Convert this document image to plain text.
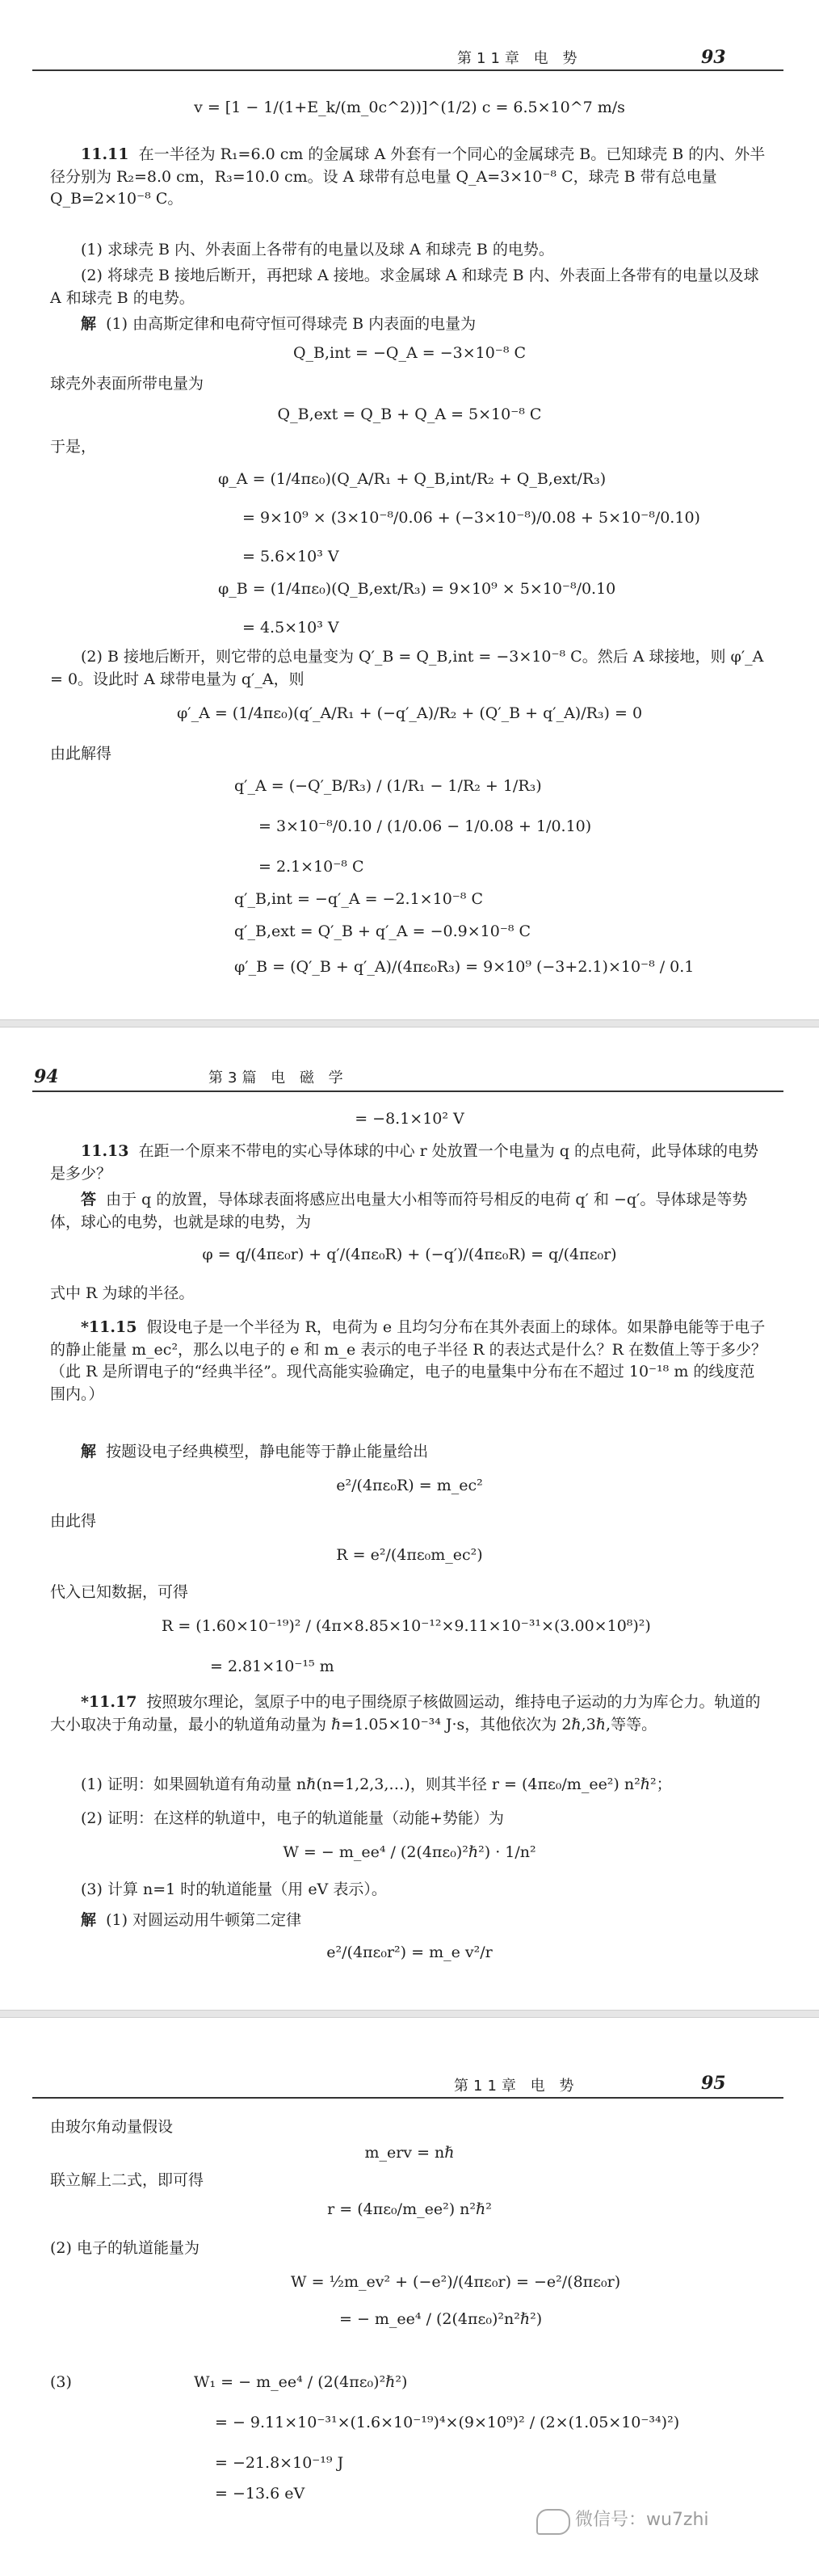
第11章 电 势	93
v = [1 − 1/(1+E_k/(m_0c^2))]^(1/2) c = 6.5×10^7 m/s
11.11 在一半径为 R₁=6.0 cm 的金属球 A 外套有一个同心的金属球壳 B。已知球壳 B 的内、外半径分别为 R₂=8.0 cm，R₃=10.0 cm。设 A 球带有总电量 Q_A=3×10⁻⁸ C，球壳 B 带有总电量 Q_B=2×10⁻⁸ C。
(1) 求球壳 B 内、外表面上各带有的电量以及球 A 和球壳 B 的电势。
(2) 将球壳 B 接地后断开，再把球 A 接地。求金属球 A 和球壳 B 内、外表面上各带有的电量以及球 A 和球壳 B 的电势。
解 (1) 由高斯定律和电荷守恒可得球壳 B 内表面的电量为
Q_B,int = −Q_A = −3×10⁻⁸ C
球壳外表面所带电量为
Q_B,ext = Q_B + Q_A = 5×10⁻⁸ C
于是，
φ_A = (1/4πε₀)(Q_A/R₁ + Q_B,int/R₂ + Q_B,ext/R₃)
= 9×10⁹ × (3×10⁻⁸/0.06 + (−3×10⁻⁸)/0.08 + 5×10⁻⁸/0.10)
= 5.6×10³ V
φ_B = (1/4πε₀)(Q_B,ext/R₃) = 9×10⁹ × 5×10⁻⁸/0.10
= 4.5×10³ V
(2) B 接地后断开，则它带的总电量变为 Q′_B = Q_B,int = −3×10⁻⁸ C。然后 A 球接地，则 φ′_A = 0。设此时 A 球带电量为 q′_A，则
φ′_A = (1/4πε₀)(q′_A/R₁ + (−q′_A)/R₂ + (Q′_B + q′_A)/R₃) = 0
由此解得
q′_A = (−Q′_B/R₃) / (1/R₁ − 1/R₂ + 1/R₃)
= 3×10⁻⁸/0.10 / (1/0.06 − 1/0.08 + 1/0.10)
= 2.1×10⁻⁸ C
q′_B,int = −q′_A = −2.1×10⁻⁸ C
q′_B,ext = Q′_B + q′_A = −0.9×10⁻⁸ C
φ′_B = (Q′_B + q′_A)/(4πε₀R₃) = 9×10⁹ (−3+2.1)×10⁻⁸ / 0.1
94	第3篇 电 磁 学
= −8.1×10² V
11.13 在距一个原来不带电的实心导体球的中心 r 处放置一个电量为 q 的点电荷，此导体球的电势是多少？
答 由于 q 的放置，导体球表面将感应出电量大小相等而符号相反的电荷 q′ 和 −q′。导体球是等势体，球心的电势，也就是球的电势，为
φ = q/(4πε₀r) + q′/(4πε₀R) + (−q′)/(4πε₀R) = q/(4πε₀r)
式中 R 为球的半径。
*11.15 假设电子是一个半径为 R，电荷为 e 且均匀分布在其外表面上的球体。如果静电能等于电子的静止能量 m_ec²，那么以电子的 e 和 m_e 表示的电子半径 R 的表达式是什么？R 在数值上等于多少？（此 R 是所谓电子的“经典半径”。现代高能实验确定，电子的电量集中分布在不超过 10⁻¹⁸ m 的线度范围内。）
解 按题设电子经典模型，静电能等于静止能量给出
e²/(4πε₀R) = m_ec²
由此得
R = e²/(4πε₀m_ec²)
代入已知数据，可得
R = (1.60×10⁻¹⁹)² / (4π×8.85×10⁻¹²×9.11×10⁻³¹×(3.00×10⁸)²)
= 2.81×10⁻¹⁵ m
*11.17 按照玻尔理论，氢原子中的电子围绕原子核做圆运动，维持电子运动的力为库仑力。轨道的大小取决于角动量，最小的轨道角动量为 ℏ=1.05×10⁻³⁴ J·s，其他依次为 2ℏ,3ℏ,等等。
(1) 证明：如果圆轨道有角动量 nℏ(n=1,2,3,…)，则其半径 r = (4πε₀/m_ee²) n²ℏ²；
(2) 证明：在这样的轨道中，电子的轨道能量（动能+势能）为
W = − m_ee⁴ / (2(4πε₀)²ℏ²) · 1/n²
(3) 计算 n=1 时的轨道能量（用 eV 表示）。
解 (1) 对圆运动用牛顿第二定律
e²/(4πε₀r²) = m_e v²/r
第11章 电 势	95
由玻尔角动量假设
m_erv = nℏ
联立解上二式，即可得
r = (4πε₀/m_ee²) n²ℏ²
(2) 电子的轨道能量为
W = ½m_ev² + (−e²)/(4πε₀r) = −e²/(8πε₀r)
= − m_ee⁴ / (2(4πε₀)²n²ℏ²)
(3)	W₁ = − m_ee⁴ / (2(4πε₀)²ℏ²)
= − 9.11×10⁻³¹×(1.6×10⁻¹⁹)⁴×(9×10⁹)² / (2×(1.05×10⁻³⁴)²)
= −21.8×10⁻¹⁹ J
= −13.6 eV
微信号：wu7zhi
